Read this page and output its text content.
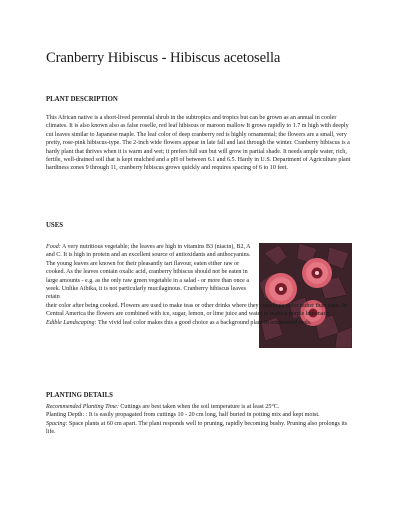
Cranberry Hibiscus - Hibiscus acetosella
PLANT DESCRIPTION

This African native is a short-lived perennial shrub in the subtropics and tropics but can be grown as an annual in cooler climates. It is also known also as false roselle, red leaf hibiscus or maroon mallow It grows rapidly to 1.7 m high with deeply cut leaves similar to Japanese maple. The leaf color of deep cranberry red is highly ornamental; the flowers are a small, very pretty, rose-pink hibiscus-type. The 2-inch wide flowers appear in late fall and last through the winter. Cranberry hibiscus is a hardy plant that thrives when it is warm and wet; it prefers full sun but will grow in partial shade. It needs ample water, rich, fertile, well-drained soil that is kept mulched and a pH of between 6.1 and 6.5. Hardy in U.S. Department of Agriculture plant hardiness zones 9 through 11, cranberry hibiscus grows quickly and requires spacing of 6 to 10 feet.

USES

Food: A very nutritious vegetable; the leaves are high in vitamins B3 (niacin), B2, A and C. It is high in protein and an excellent source of antioxidants and anthocyanins. The young leaves are known for their pleasantly tart flavour, eaten either raw or cooked. As the leaves contain oxalic acid, cranberry hibiscus should not be eaten in large amounts - e.g. as the only raw green vegetable in a salad - or more than once a week. Unlike Aibika, it is not particularly mucilaginous. Cranberry hibiscus leaves retain

their color after being cooked. Flowers are used to make teas or other drinks where they contribute color rather than taste. In Central America the flowers are combined with ice, sugar, lemon, or lime juice and water to make a purple lemonade.

Edible Landscaping: The vivid leaf color makes this a good choice as a background plant in ornamental beds.

PLANTING DETAILS

Recommended Planting Time: Cuttings are best taken when the soil temperature is at least 25°C.

Planting Depth: : It is easily propagated from cuttings 10 - 20 cm long, half buried in potting mix and kept moist.

Spacing: Space plants at 60 cm apart. The plant responds well to pruning, rapidly becoming bushy. Pruning also prolongs its life.
